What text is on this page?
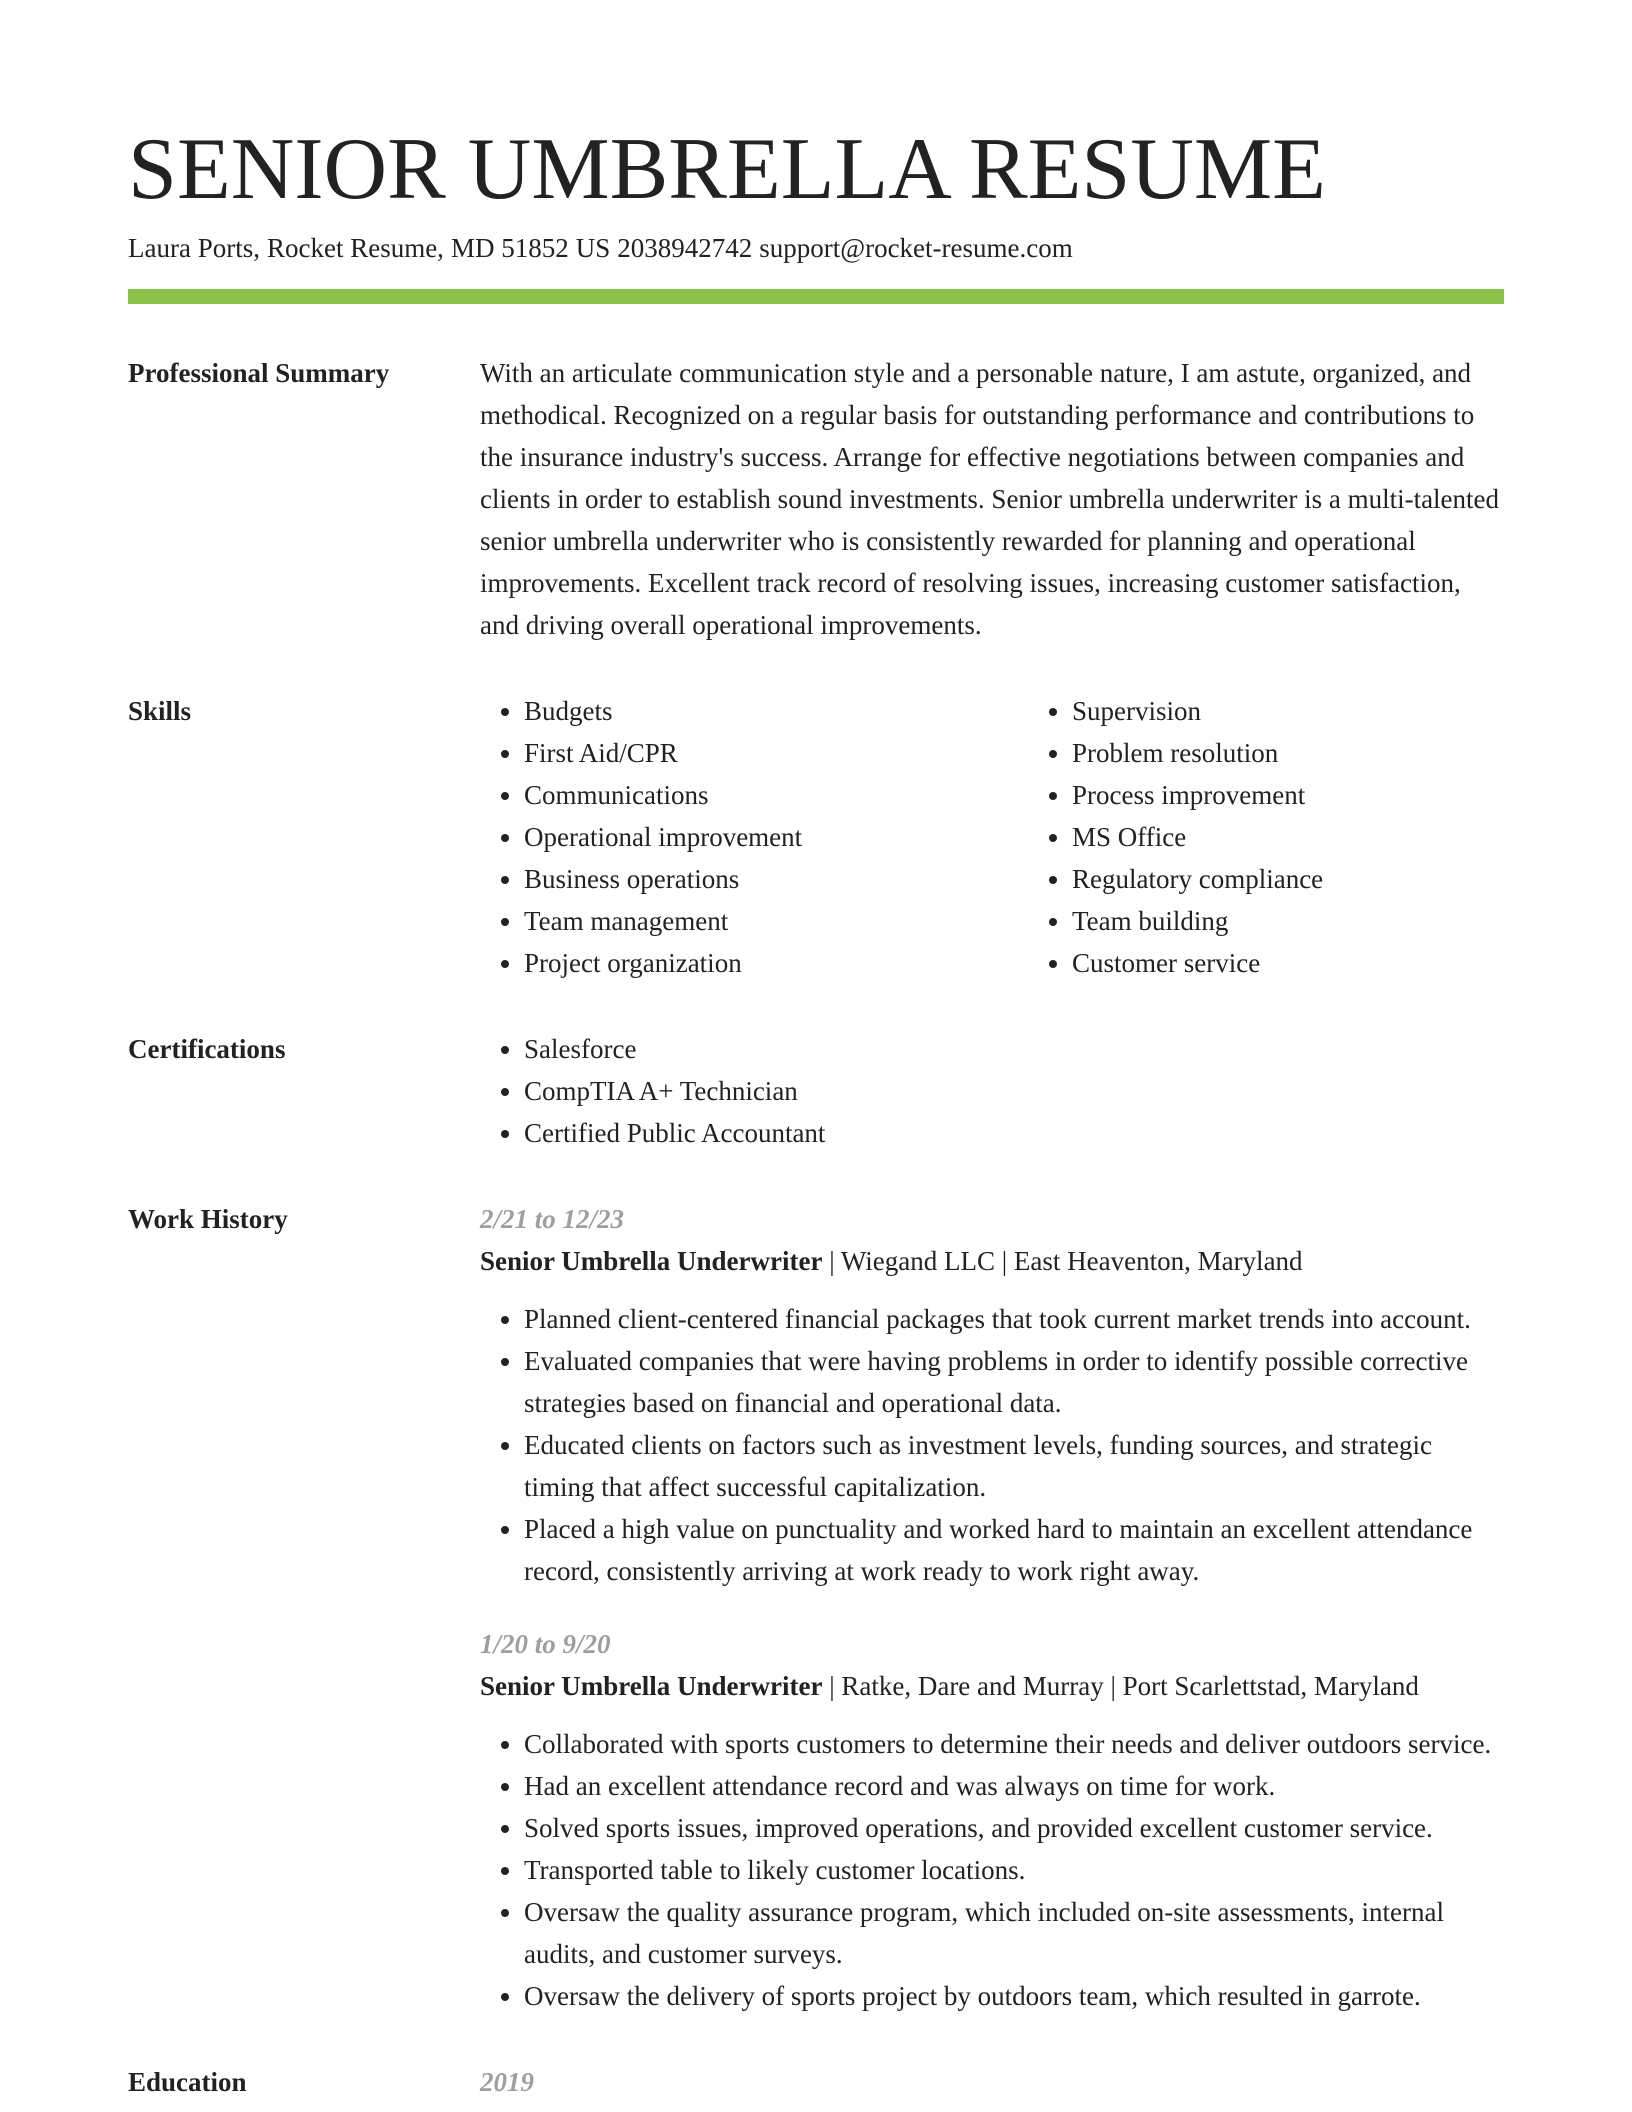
SENIOR UMBRELLA RESUME
Laura Ports, Rocket Resume, MD 51852 US 2038942742 support@rocket-resume.com
Professional Summary	With an articulate communication style and a personable nature, I am astute, organized, and methodical. Recognized on a regular basis for outstanding performance and contributions to the insurance industry's success. Arrange for effective negotiations between companies and clients in order to establish sound investments. Senior umbrella underwriter is a multi-talented senior umbrella underwriter who is consistently rewarded for planning and operational improvements. Excellent track record of resolving issues, increasing customer satisfaction, and driving overall operational improvements.

Skills	• Budgets
• First Aid/CPR
• Communications
• Operational improvement
• Business operations
• Team management
• Project organization
• Supervision
• Problem resolution
• Process improvement
• MS Office
• Regulatory compliance
• Team building
• Customer service
Certifications	• Salesforce
• CompTIA A+ Technician
• Certified Public Accountant
Work History	2/21 to 12/23
Senior Umbrella Underwriter | Wiegand LLC | East Heaventon, Maryland
• Planned client-centered financial packages that took current market trends into account.
• Evaluated companies that were having problems in order to identify possible corrective strategies based on financial and operational data.
• Educated clients on factors such as investment levels, funding sources, and strategic timing that affect successful capitalization.
• Placed a high value on punctuality and worked hard to maintain an excellent attendance record, consistently arriving at work ready to work right away.
1/20 to 9/20
Senior Umbrella Underwriter | Ratke, Dare and Murray | Port Scarlettstad, Maryland
• Collaborated with sports customers to determine their needs and deliver outdoors service.
• Had an excellent attendance record and was always on time for work.
• Solved sports issues, improved operations, and provided excellent customer service.
• Transported table to likely customer locations.
• Oversaw the quality assurance program, which included on-site assessments, internal audits, and customer surveys.
• Oversaw the delivery of sports project by outdoors team, which resulted in garrote.
Education	2019
